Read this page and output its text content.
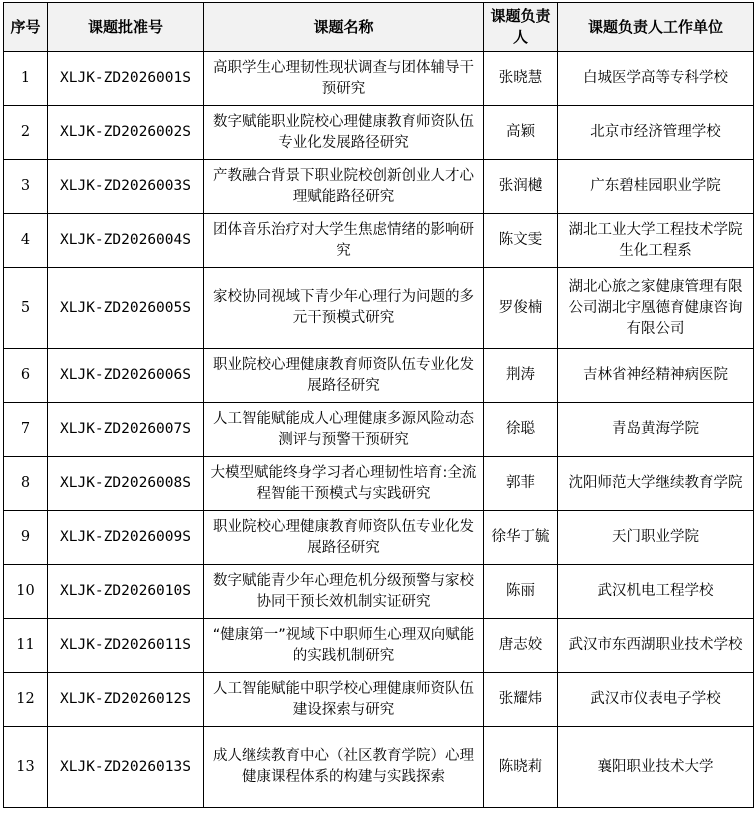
序号	课题批准号	课题名称	课题负责人	课题负责人工作单位
1	XLJK-ZD2026001S	高职学生心理韧性现状调查与团体辅导干预研究	张晓慧	白城医学高等专科学校
2	XLJK-ZD2026002S	数字赋能职业院校心理健康教育师资队伍专业化发展路径研究	高颖	北京市经济管理学校
3	XLJK-ZD2026003S	产教融合背景下职业院校创新创业人才心理赋能路径研究	张润樾	广东碧桂园职业学院
4	XLJK-ZD2026004S	团体音乐治疗对大学生焦虑情绪的影响研究	陈文雯	湖北工业大学工程技术学院生化工程系
5	XLJK-ZD2026005S	家校协同视域下青少年心理行为问题的多元干预模式研究	罗俊楠	湖北心旅之家健康管理有限公司湖北宇凰德育健康咨询有限公司
6	XLJK-ZD2026006S	职业院校心理健康教育师资队伍专业化发展路径研究	荆涛	吉林省神经精神病医院
7	XLJK-ZD2026007S	人工智能赋能成人心理健康多源风险动态测评与预警干预研究	徐聪	青岛黄海学院
8	XLJK-ZD2026008S	大模型赋能终身学习者心理韧性培育:全流程智能干预模式与实践研究	郭菲	沈阳师范大学继续教育学院
9	XLJK-ZD2026009S	职业院校心理健康教育师资队伍专业化发展路径研究	徐华丁毓	天门职业学院
10	XLJK-ZD2026010S	数字赋能青少年心理危机分级预警与家校协同干预长效机制实证研究	陈丽	武汉机电工程学校
11	XLJK-ZD2026011S	“健康第一”视域下中职师生心理双向赋能的实践机制研究	唐志姣	武汉市东西湖职业技术学校
12	XLJK-ZD2026012S	人工智能赋能中职学校心理健康师资队伍建设探索与研究	张耀炜	武汉市仪表电子学校
13	XLJK-ZD2026013S	成人继续教育中心（社区教育学院）心理健康课程体系的构建与实践探索	陈晓莉	襄阳职业技术大学
